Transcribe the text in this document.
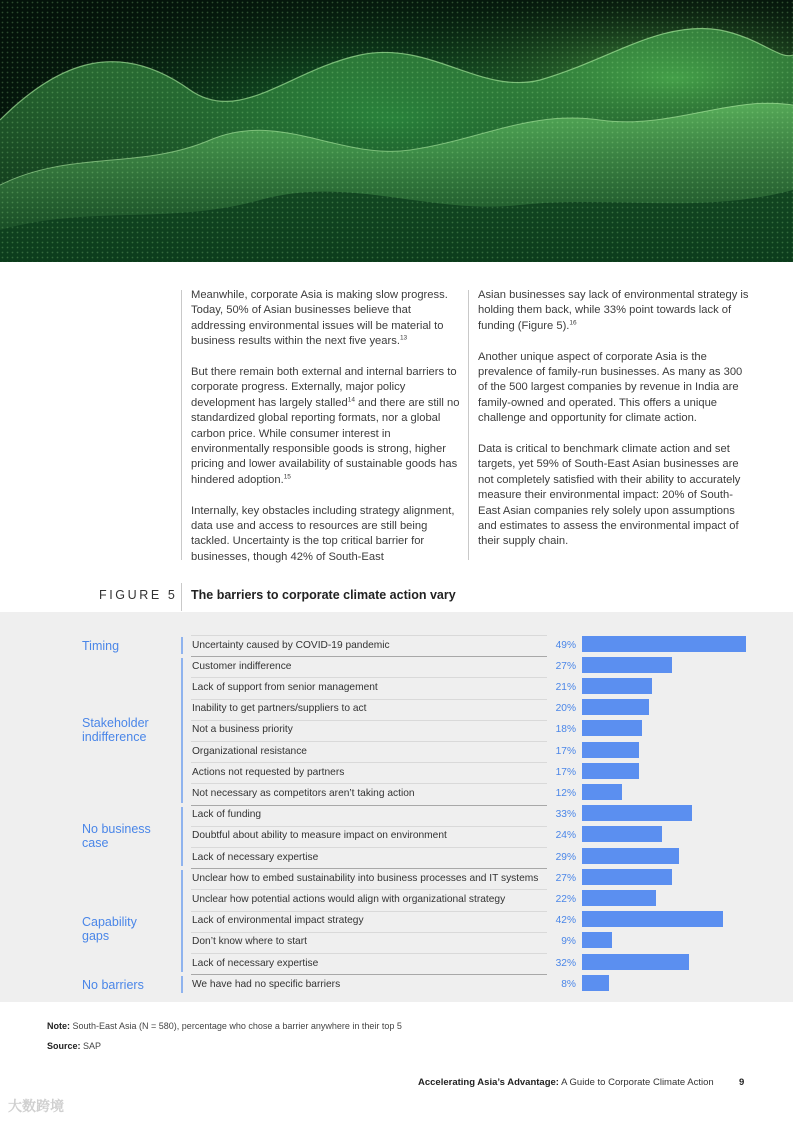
Meanwhile, corporate Asia is making slow progress. Today, 50% of Asian businesses believe that addressing environmental issues will be material to business results within the next five years.$^{13}$

But there remain both external and internal barriers to corporate progress. Externally, major policy development has largely stalled$^{14}$ and there are still no standardized global reporting formats, nor a global carbon price. While consumer interest in environmentally responsible goods is strong, higher pricing and lower availability of sustainable goods has hindered adoption.$^{15}$

Internally, key obstacles including strategy alignment, data use and access to resources are still being tackled. Uncertainty is the top critical barrier for businesses, though 42% of South-East

Asian businesses say lack of environmental strategy is holding them back, while 33% point towards lack of funding (Figure 5).$^{16}$

Another unique aspect of corporate Asia is the prevalence of family-run businesses. As many as 300 of the 500 largest companies by revenue in India are family-owned and operated. This offers a unique challenge and opportunity for climate action.

Data is critical to benchmark climate action and set targets, yet 59% of South-East Asian businesses are not completely satisfied with their ability to accurately measure their environmental impact: 20% of South-East Asian companies rely solely upon assumptions and estimates to assess the environmental impact of their supply chain.

FIGURE 5 The barriers to corporate climate action vary
Timing	Uncertainty caused by COVID-19 pandemic	49%
Stakeholder
indifference
Customer indifference	27%
Lack of support from senior management	21%
Inability to get partners/suppliers to act	20%
Not a business priority	18%
Organizational resistance	17%
Actions not requested by partners	17%
Not necessary as competitors aren’t taking action	12%
No business
case
Lack of funding	33%
Doubtful about ability to measure impact on environment	24%
Lack of necessary expertise	29%
Capability
gaps
Unclear how to embed sustainability into business processes and IT systems	27%
Unclear how potential actions would align with organizational strategy	22%
Lack of environmental impact strategy	42%
Don’t know where to start	9%
Lack of necessary expertise	32%
No barriers	We have had no specific barriers	8%
Note: South-East Asia (N = 580), percentage who chose a barrier anywhere in their top 5
Source: SAP
Accelerating Asia’s Advantage: A Guide to Corporate Climate Action	9
大数跨境
